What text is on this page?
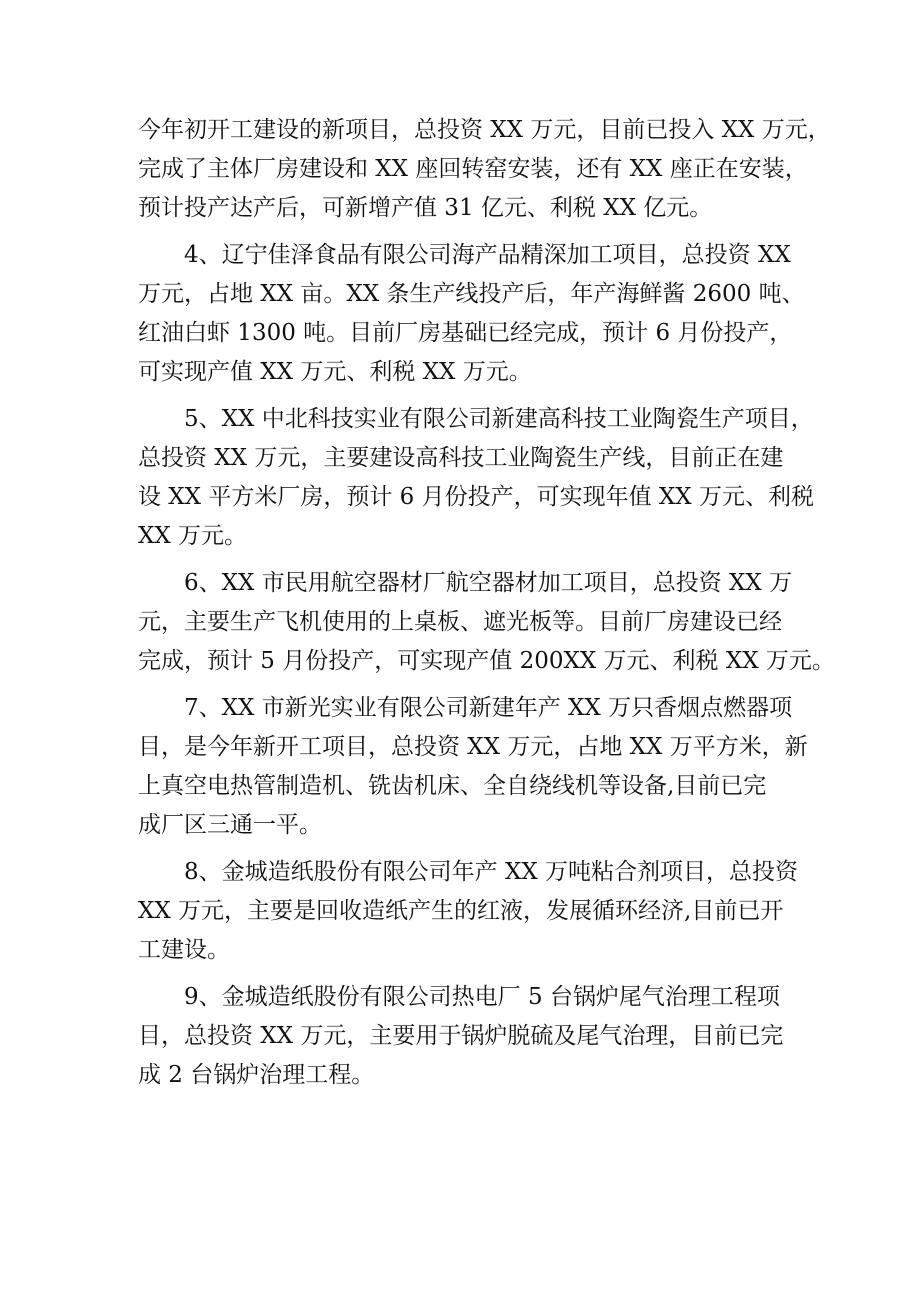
今年初开工建设的新项目，总投资 XX 万元，目前已投入 XX 万元，
完成了主体厂房建设和 XX 座回转窑安装，还有 XX 座正在安装，
预计投产达产后，可新增产值 31 亿元、利税 XX 亿元。
4、辽宁佳泽食品有限公司海产品精深加工项目，总投资 XX
万元，占地 XX 亩。XX 条生产线投产后，年产海鲜酱 2600 吨、
红油白虾 1300 吨。目前厂房基础已经完成，预计 6 月份投产，
可实现产值 XX 万元、利税 XX 万元。
5、XX 中北科技实业有限公司新建高科技工业陶瓷生产项目，
总投资 XX 万元，主要建设高科技工业陶瓷生产线，目前正在建
设 XX 平方米厂房，预计 6 月份投产，可实现年值 XX 万元、利税
XX 万元。
6、XX 市民用航空器材厂航空器材加工项目，总投资 XX 万
元，主要生产飞机使用的上桌板、遮光板等。目前厂房建设已经
完成，预计 5 月份投产，可实现产值 200XX 万元、利税 XX 万元。
7、XX 市新光实业有限公司新建年产 XX 万只香烟点燃器项
目，是今年新开工项目，总投资 XX 万元，占地 XX 万平方米，新
上真空电热管制造机、铣齿机床、全自绕线机等设备,目前已完
成厂区三通一平。
8、金城造纸股份有限公司年产 XX 万吨粘合剂项目，总投资
XX 万元，主要是回收造纸产生的红液，发展循环经济,目前已开
工建设。
9、金城造纸股份有限公司热电厂 5 台锅炉尾气治理工程项
目，总投资 XX 万元，主要用于锅炉脱硫及尾气治理，目前已完
成 2 台锅炉治理工程。
